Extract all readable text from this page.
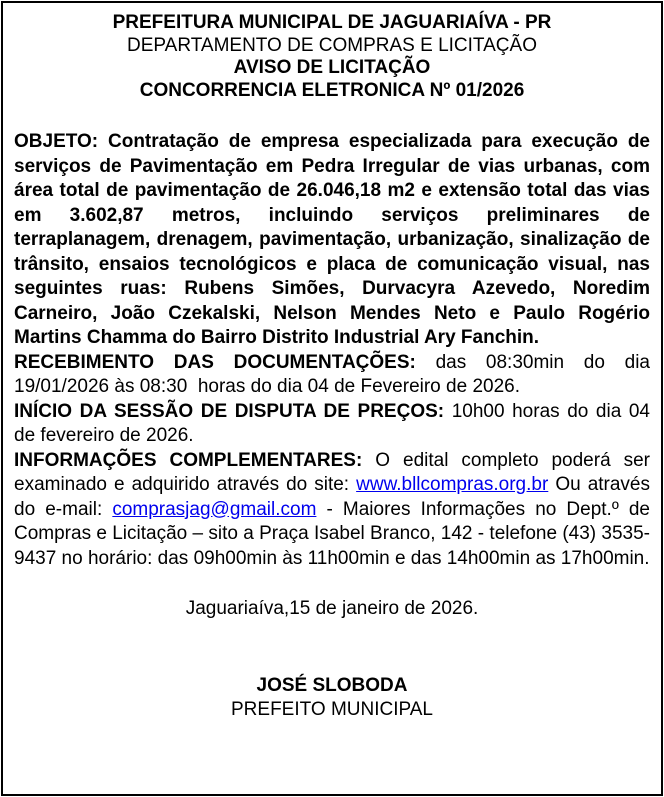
PREFEITURA MUNICIPAL DE JAGUARIAÍVA - PR
DEPARTAMENTO DE COMPRAS E LICITAÇÃO
AVISO DE LICITAÇÃO
CONCORRENCIA ELETRONICA Nº 01/2026

OBJETO: Contratação de empresa especializada para execução de serviços de Pavimentação em Pedra Irregular de vias urbanas, com área total de pavimentação de 26.046,18 m2 e extensão total das vias em 3.602,87 metros, incluindo serviços preliminares de terraplanagem, drenagem, pavimentação, urbanização, sinalização de trânsito, ensaios tecnológicos e placa de comunicação visual, nas seguintes ruas: Rubens Simões, Durvacyra Azevedo, Noredim Carneiro, João Czekalski, Nelson Mendes Neto e Paulo Rogério Martins Chamma do Bairro Distrito Industrial Ary Fanchin.

RECEBIMENTO DAS DOCUMENTAÇÕES: das 08:30min do dia 19/01/2026 às 08:30  horas do dia 04 de Fevereiro de 2026.

INÍCIO DA SESSÃO DE DISPUTA DE PREÇOS: 10h00 horas do dia 04 de fevereiro de 2026.

INFORMAÇÕES COMPLEMENTARES: O edital completo poderá ser examinado e adquirido através do site: www.bllcompras.org.br Ou através do e-mail: comprasjag@gmail.com - Maiores Informações no Dept.º de Compras e Licitação – sito a Praça Isabel Branco, 142 - telefone (43) 3535-9437 no horário: das 09h00min às 11h00min e das 14h00min as 17h00min.

Jaguariaíva,15 de janeiro de 2026.
JOSÉ SLOBODA
PREFEITO MUNICIPAL
